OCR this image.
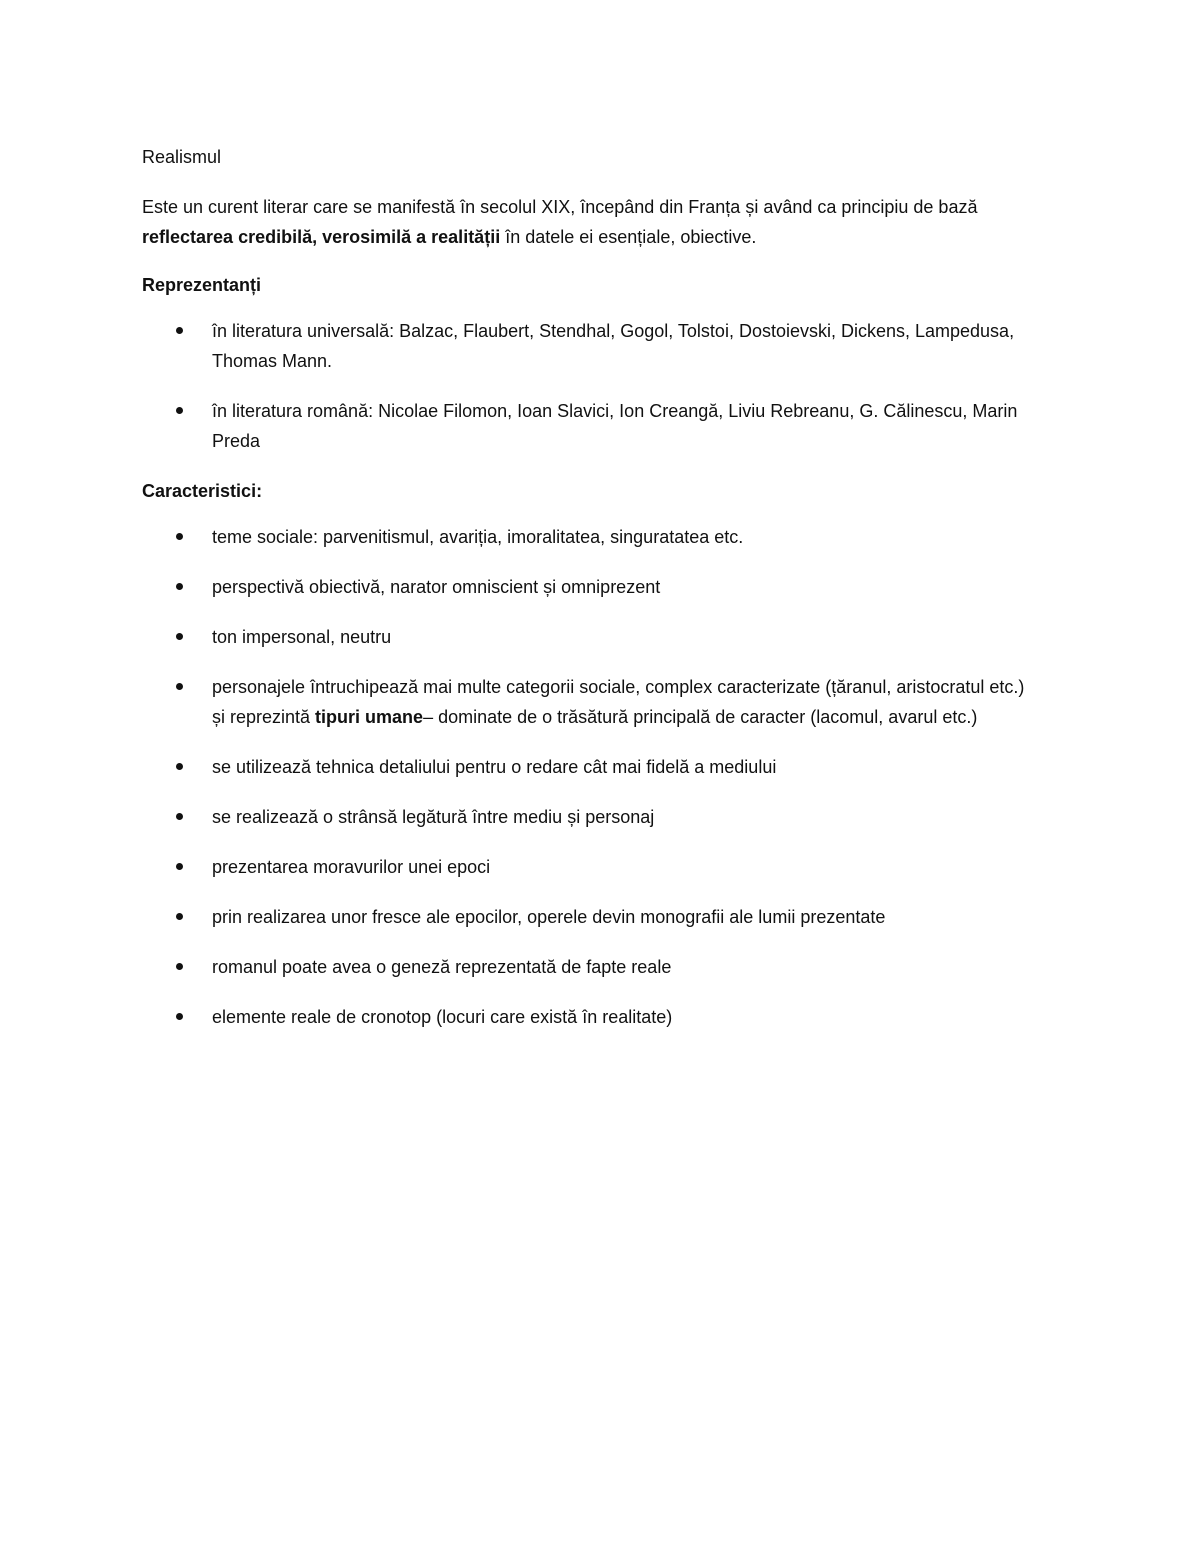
Realismul

Este un curent literar care se manifestă în secolul XIX, începând din Franța și având ca principiu de bază reflectarea credibilă, verosimilă a realității în datele ei esențiale, obiective.

Reprezentanți

în literatura universală: Balzac, Flaubert, Stendhal, Gogol, Tolstoi, Dostoievski, Dickens, Lampedusa, Thomas Mann.
în literatura română: Nicolae Filomon, Ioan Slavici, Ion Creangă, Liviu Rebreanu, G. Călinescu, Marin Preda

Caracteristici:

teme sociale: parvenitismul, avariția, imoralitatea, singuratatea etc.
perspectivă obiectivă, narator omniscient și omniprezent
ton impersonal, neutru
personajele întruchipează mai multe categorii sociale, complex caracterizate (țăranul, aristocratul etc.) și reprezintă tipuri umane– dominate de o trăsătură principală de caracter (lacomul, avarul etc.)
se utilizează tehnica detaliului pentru o redare cât mai fidelă a mediului
se realizează o strânsă legătură între mediu și personaj
prezentarea moravurilor unei epoci
prin realizarea unor fresce ale epocilor, operele devin monografii ale lumii prezentate
romanul poate avea o geneză reprezentată de fapte reale
elemente reale de cronotop (locuri care există în realitate)
